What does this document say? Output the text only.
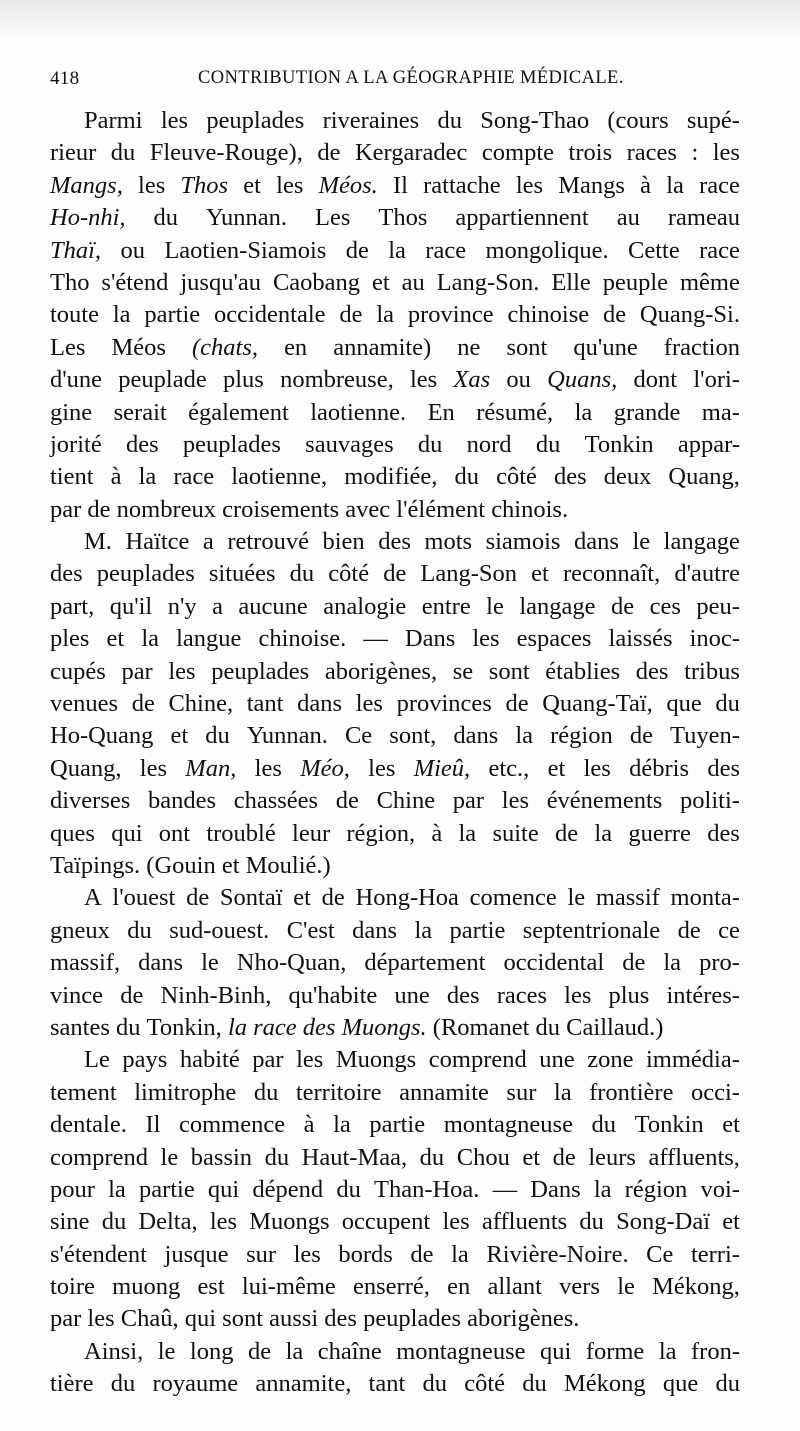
418	CONTRIBUTION A LA GÉOGRAPHIE MÉDICALE.
Parmi les peuplades riveraines du Song-Thao (cours supé-
rieur du Fleuve-Rouge), de Kergaradec compte trois races : les
Mangs, les Thos et les Méos. Il rattache les Mangs à la race
Ho-nhi, du Yunnan. Les Thos appartiennent au rameau
Thaï, ou Laotien-Siamois de la race mongolique. Cette race
Tho s'étend jusqu'au Caobang et au Lang-Son. Elle peuple même
toute la partie occidentale de la province chinoise de Quang-Si.
Les Méos (chats, en annamite) ne sont qu'une fraction
d'une peuplade plus nombreuse, les Xas ou Quans, dont l'ori-
gine serait également laotienne. En résumé, la grande ma-
jorité des peuplades sauvages du nord du Tonkin appar-
tient à la race laotienne, modifiée, du côté des deux Quang,
par
de
nombreux
croisements
avec
l'élément
chinois.
M. Haïtce a retrouvé bien des mots siamois dans le langage
des peuplades situées du côté de Lang-Son et reconnaît, d'autre
part, qu'il n'y a aucune analogie entre le langage de ces peu-
ples et la langue chinoise. — Dans les espaces laissés inoc-
cupés par les peuplades aborigènes, se sont établies des tribus
venues de Chine, tant dans les provinces de Quang-Taï, que du
Ho-Quang et du Yunnan. Ce sont, dans la région de Tuyen-
Quang, les Man, les Méo, les Mieû, etc., et les débris des
diverses bandes chassées de Chine par les événements politi-
ques qui ont troublé leur région, à la suite de la guerre des
Taïpings.
(Gouin
et
Moulié.)
A l'ouest de Sontaï et de Hong-Hoa comence le massif monta-
gneux du sud-ouest. C'est dans la partie septentrionale de ce
massif, dans le Nho-Quan, département occidental de la pro-
vince de Ninh-Binh, qu'habite une des races les plus intéres-
santes
du
Tonkin,
la
race
des
Muongs.
(Romanet
du
Caillaud.)
Le pays habité par les Muongs comprend une zone immédia-
tement limitrophe du territoire annamite sur la frontière occi-
dentale. Il commence à la partie montagneuse du Tonkin et
comprend le bassin du Haut-Maa, du Chou et de leurs affluents,
pour la partie qui dépend du Than-Hoa. — Dans la région voi-
sine du Delta, les Muongs occupent les affluents du Song-Daï et
s'étendent jusque sur les bords de la Rivière-Noire. Ce terri-
toire muong est lui-même enserré, en allant vers le Mékong,
par
les
Chaû,
qui
sont
aussi
des
peuplades
aborigènes.
Ainsi, le long de la chaîne montagneuse qui forme la fron-
tière du royaume annamite, tant du côté du Mékong que du
